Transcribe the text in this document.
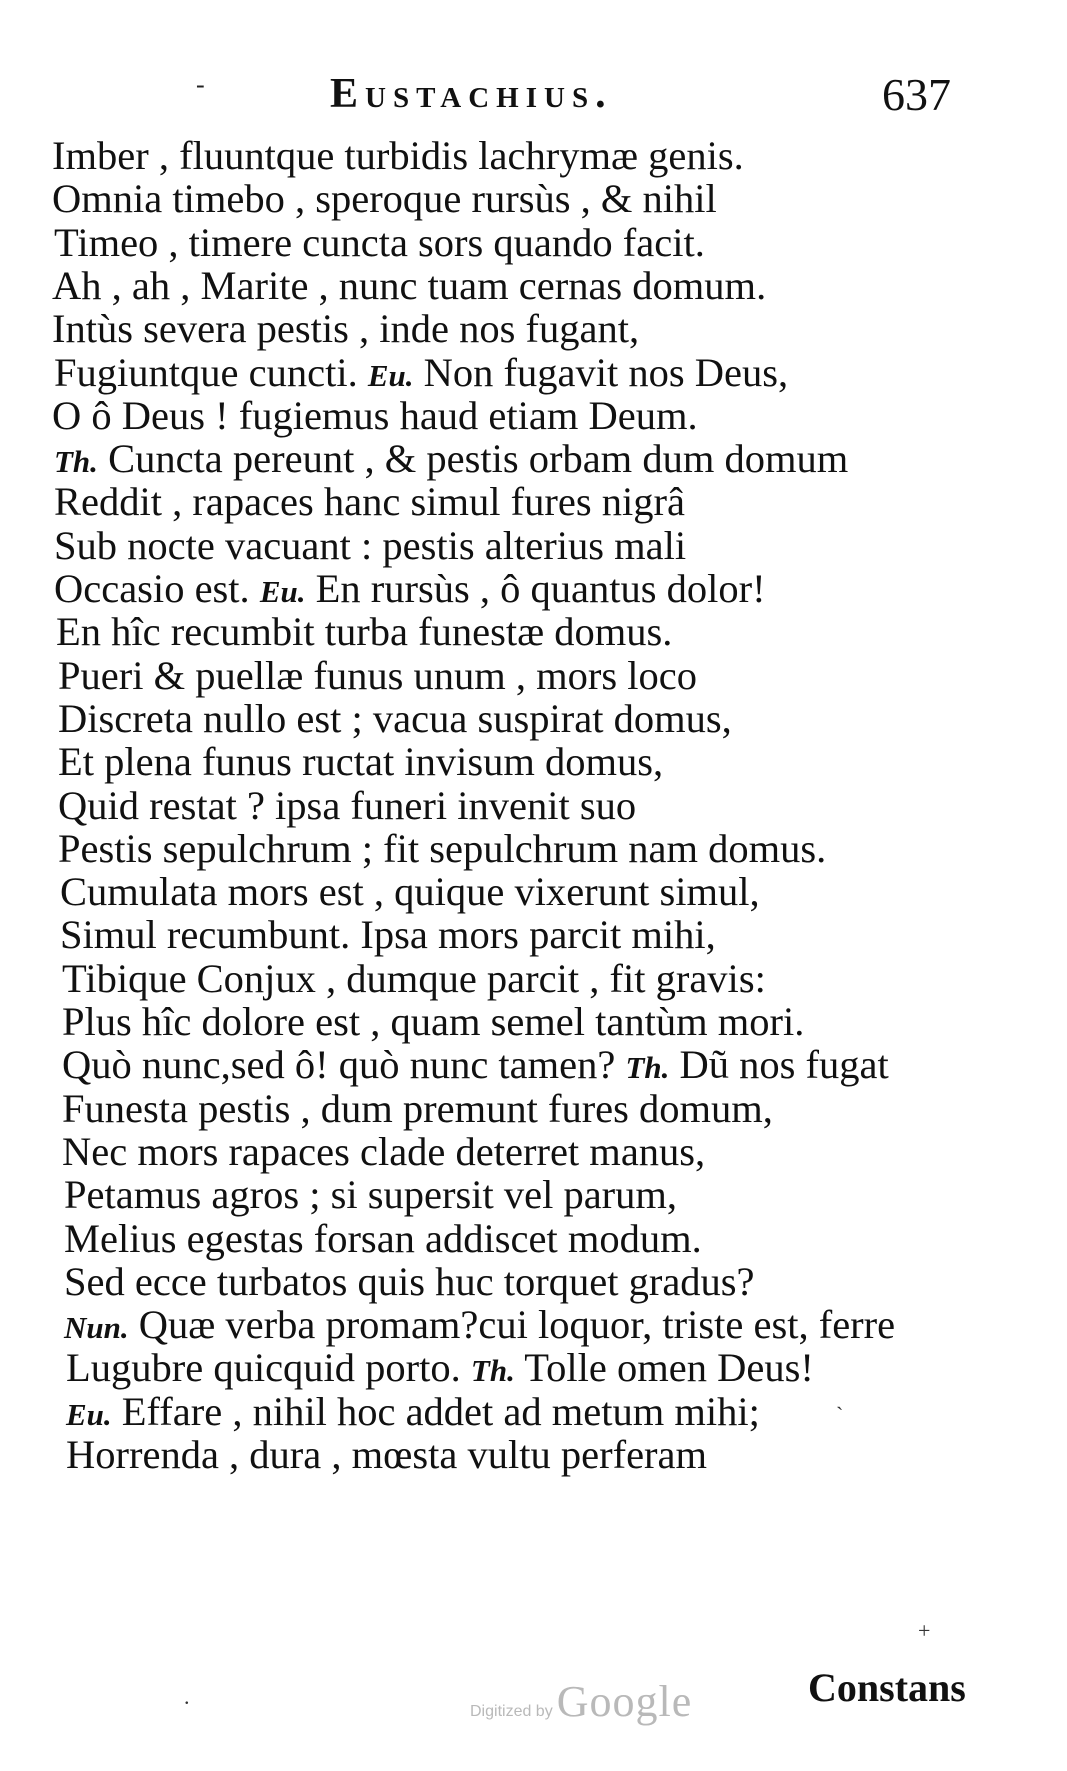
-	Eustachius.	637
Imber , fluuntque turbidis lachrymæ genis.
Omnia timebo , speroque rursùs , & nihil
Timeo , timere cuncta sors quando facit.
Ah , ah , Marite , nunc tuam cernas domum.
Intùs severa pestis , inde nos fugant,
Fugiuntque cuncti. Eu. Non fugavit nos Deus,
O ô Deus ! fugiemus haud etiam Deum.
Th. Cuncta pereunt , & pestis orbam dum domum
Reddit , rapaces hanc simul fures nigrâ
Sub nocte vacuant : pestis alterius mali
Occasio est. Eu. En rursùs , ô quantus dolor!
En hîc recumbit turba funestæ domus.
Pueri & puellæ funus unum , mors loco
Discreta nullo est ; vacua suspirat domus,
Et plena funus ructat invisum domus,
Quid restat ? ipsa funeri invenit suo
Pestis sepulchrum ; fit sepulchrum nam domus.
Cumulata mors est , quique vixerunt simul,
Simul recumbunt. Ipsa mors parcit mihi,
Tibique Conjux , dumque parcit , fit gravis:
Plus hîc dolore est , quam semel tantùm mori.
Quò nunc,sed ô! quò nunc tamen? Th. Dũ nos fugat
Funesta pestis , dum premunt fures domum,
Nec mors rapaces clade deterret manus,
Petamus agros ; si supersit vel parum,
Melius egestas forsan addiscet modum.
Sed ecce turbatos quis huc torquet gradus?
Nun. Quæ verba promam?cui loquor, triste est, ferre
Lugubre quicquid porto. Th. Tolle omen Deus!
Eu. Effare , nihil hoc addet ad metum mihi;
Horrenda , dura , mœsta vultu perferam
Constans
`
+
.
Digitized by Google
